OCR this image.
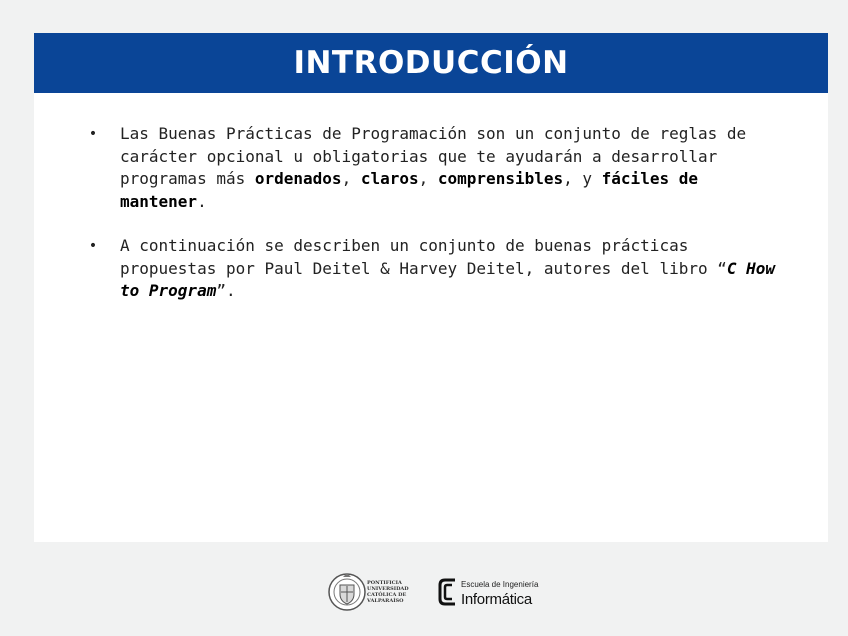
INTRODUCCIÓN
• Las Buenas Prácticas de Programación son un conjunto de reglas de carácter opcional u obligatorias que te ayudarán a desarrollar programas más ordenados, claros, comprensibles, y fáciles de mantener.
• A continuación se describen un conjunto de buenas prácticas propuestas por Paul Deitel & Harvey Deitel, autores del libro “C How to Program”.
PONTIFICIA
UNIVERSIDAD
CATÓLICA DE
VALPARAÍSO
Escuela de Ingeniería
Informática
